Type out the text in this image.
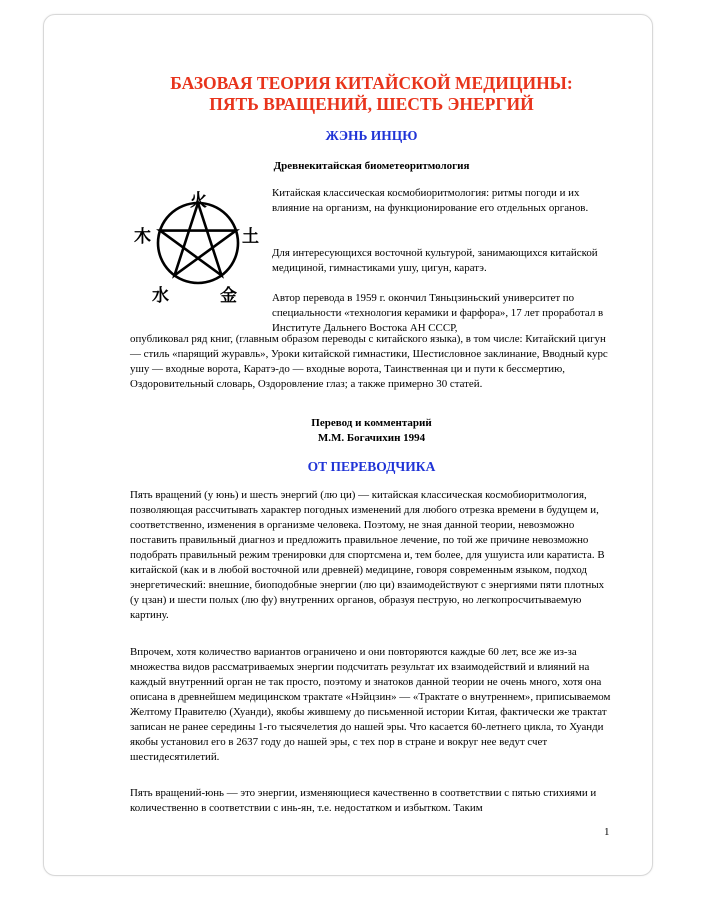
БАЗОВАЯ ТЕОРИЯ КИТАЙСКОЙ МЕДИЦИНЫ:
ПЯТЬ ВРАЩЕНИЙ, ШЕСТЬ ЭНЕРГИЙ
ЖЭНЬ ИНЦЮ
Древнекитайская биометеоритмология
火
土
木
水	金
Китайская классическая космобиоритмология: ритмы погоди и их влияние на организм, на функционирование его отдельных органов.
Для интересующихся восточной культурой, занимающихся китайской медициной, гимнастиками ушу, цигун, каратэ.
Автор перевода в 1959 г. окончил Тяньцзиньский университет по специальности «технология керамики и фарфора», 17 лет проработал в Институте Дальнего Востока АН СССР,
опубликовал ряд книг, (главным образом переводы с китайского языка), в том числе: Китайский цигун — стиль «парящий журавль», Уроки китайской гимнастики, Шестисловное заклинание, Вводный курс ушу — входные ворота, Каратэ-до — входные ворота, Таинственная ци и пути к бессмертию, Оздоровительный словарь, Оздоровление глаз; а также примерно 30 статей.
Перевод и комментарий
М.М. Богачихин 1994
ОТ ПЕРЕВОДЧИКА
Пять вращений (у юнь) и шесть энергий (лю ци) — китайская классическая космобиоритмология, позволяющая рассчитывать характер погодных изменений для любого отрезка времени в будущем и, соответственно, изменения в организме человека. Поэтому, не зная данной теории, невозможно поставить правильный диагноз и предложить правильное лечение, по той же причине невозможно подобрать правильный режим тренировки для спортсмена и, тем более, для ушуиста или каратиста. В китайской (как и в любой восточной или древней) медицине, говоря современным языком, подход энергетический: внешние, биоподобные энергии (лю ци) взаимодействуют с энергиями пяти плотных (у цзан) и шести полых (лю фу) внутренних органов, образуя пеструю, но легкопросчитываемую картину.
Впрочем, хотя количество вариантов ограничено и они повторяются каждые 60 лет, все же из-за множества видов рассматриваемых энергии подсчитать результат их взаимодействий и влияний на каждый внутренний орган не так просто, поэтому и знатоков данной теории не очень много, хотя она описана в древнейшем медицинском трактате «Нэйцзин» — «Трактате о внутреннем», приписываемом Желтому Правителю (Хуанди), якобы жившему до письменной истории Китая, фактически же трактат записан не ранее середины 1-го тысячелетия до нашей эры. Что касается 60-летнего цикла, то Хуанди якобы установил его в 2637 году до нашей эры, с тех пор в стране и вокруг нее ведут счет шестидесятилетий.
Пять вращений-юнь — это энергии, изменяющиеся качественно в соответствии с пятью стихиями и количественно в соответствии с инь-ян, т.е. недостатком и избытком. Таким
1
